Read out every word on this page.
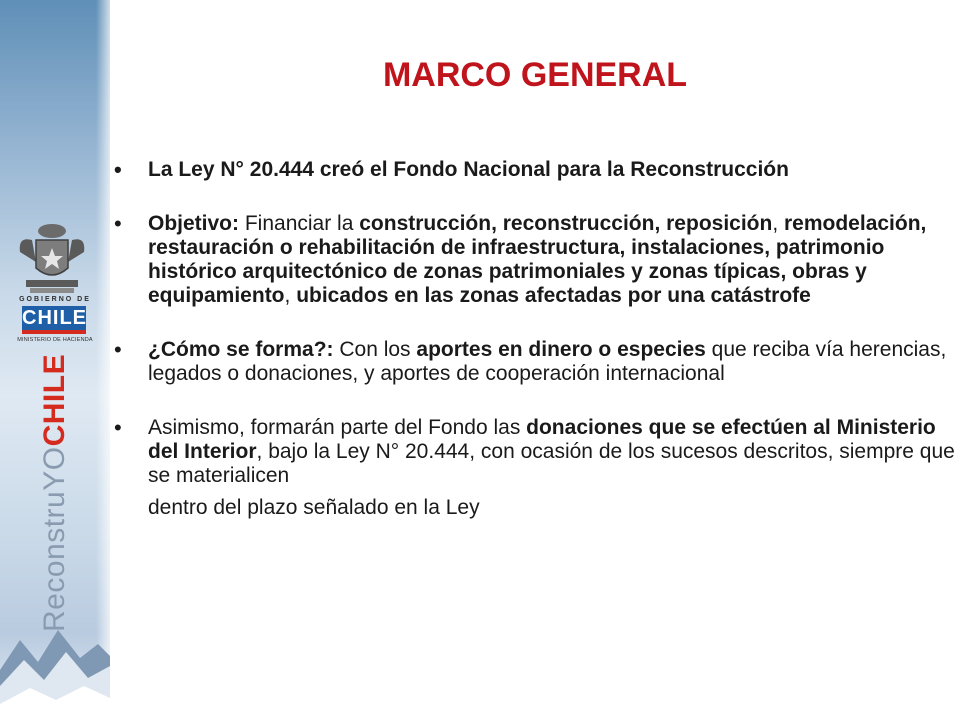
GOBIERNO DE
CHILE
MINISTERIO DE HACIENDA
ReconstruYOCHILE
MARCO GENERAL
• La Ley N° 20.444 creó el Fondo Nacional para la Reconstrucción
• Objetivo: Financiar la construcción, reconstrucción, reposición, remodelación, restauración o rehabilitación de infraestructura, instalaciones, patrimonio histórico arquitectónico de zonas patrimoniales y zonas típicas, obras y equipamiento, ubicados en las zonas afectadas por una catástrofe
• ¿Cómo se forma?: Con los aportes en dinero o especies que reciba vía herencias, legados o donaciones, y aportes de cooperación internacional
• Asimismo, formarán parte del Fondo las donaciones que se efectúen al Ministerio del Interior, bajo la Ley N° 20.444, con ocasión de los sucesos descritos, siempre que se materialicen
dentro del plazo señalado en la Ley
